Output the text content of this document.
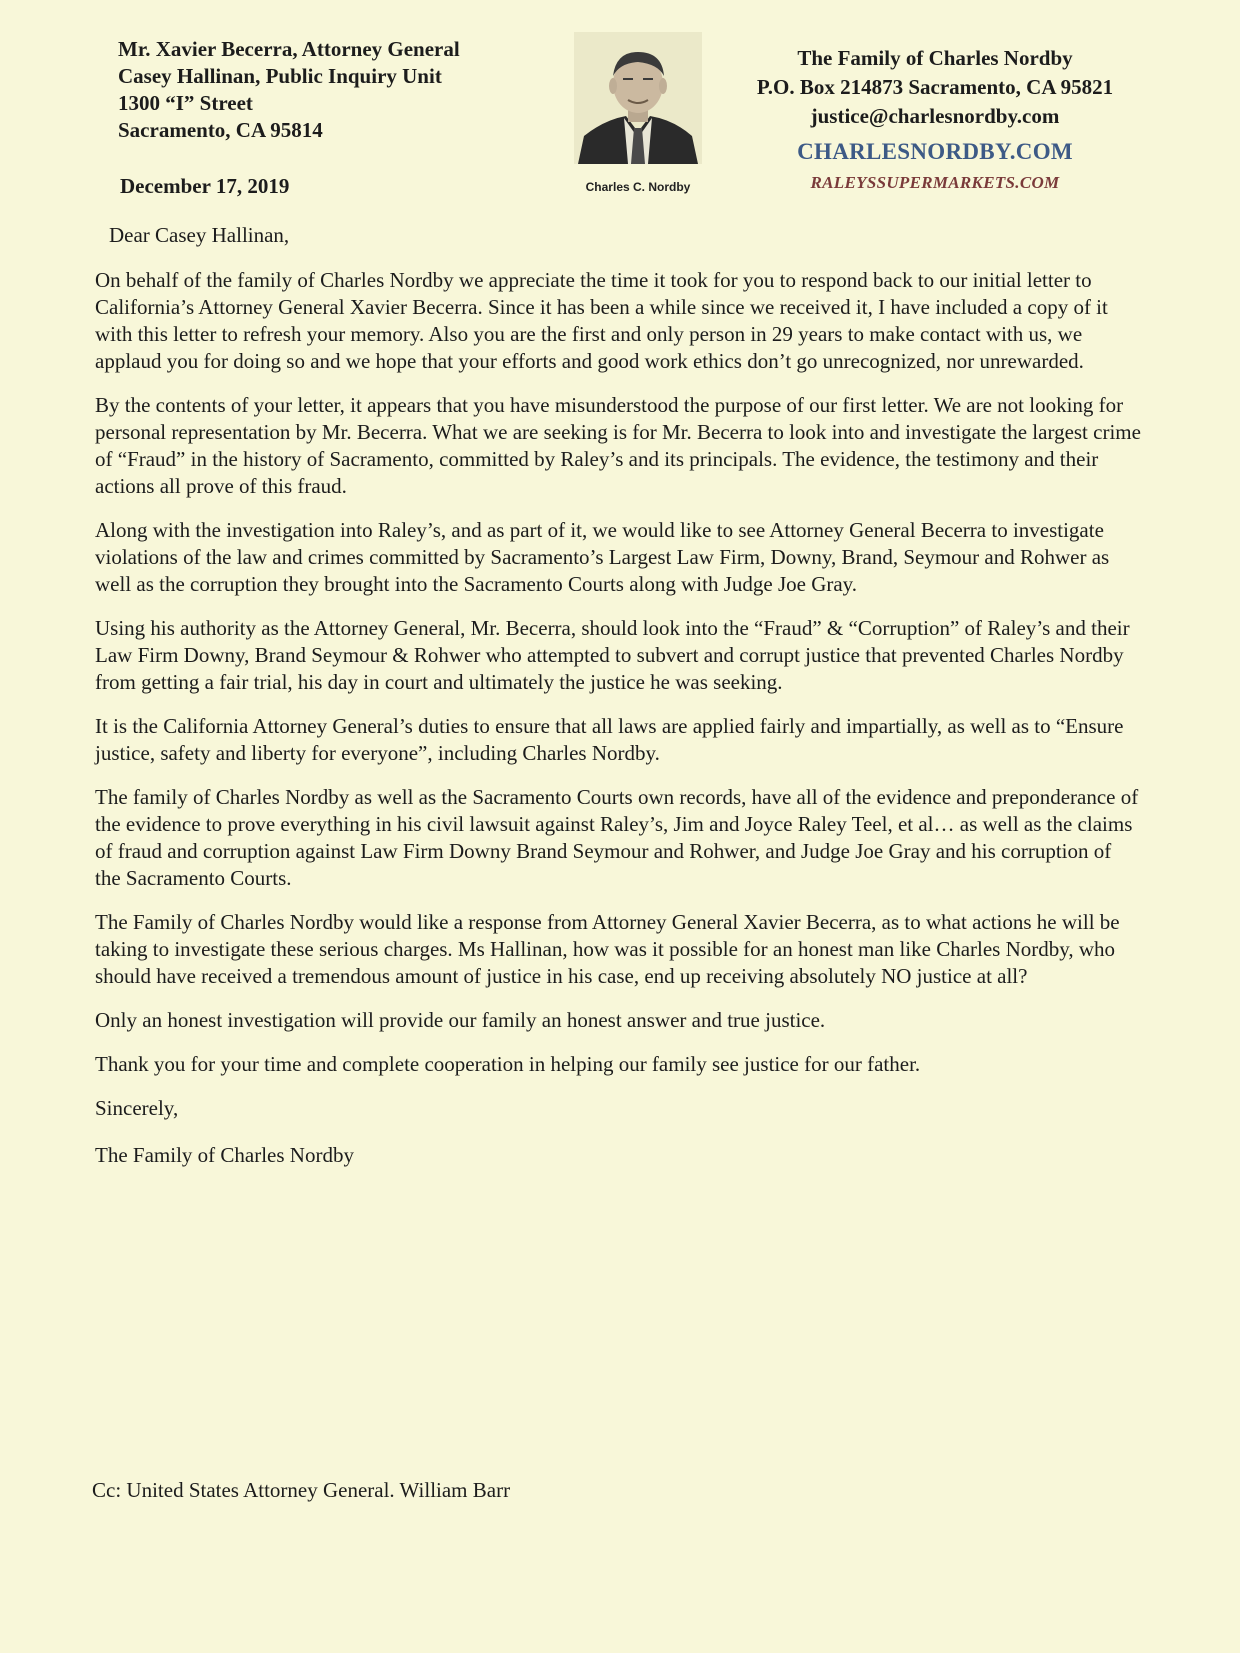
Mr. Xavier Becerra, Attorney General
Casey Hallinan, Public Inquiry Unit
1300 “I” Street
Sacramento, CA 95814
December 17, 2019	Charles C. Nordby
The Family of Charles Nordby
P.O. Box 214873 Sacramento, CA 95821
justice@charlesnordby.com
CHARLESNORDBY.COM
RALEYSSUPERMARKETS.COM

Dear Casey Hallinan,

On behalf of the family of Charles Nordby we appreciate the time it took for you to respond back to our initial letter to California’s Attorney General Xavier Becerra. Since it has been a while since we received it, I have included a copy of it with this letter to refresh your memory. Also you are the first and only person in 29 years to make contact with us, we applaud you for doing so and we hope that your efforts and good work ethics don’t go unrecognized, nor unrewarded.

By the contents of your letter, it appears that you have misunderstood the purpose of our first letter. We are not looking for personal representation by Mr. Becerra. What we are seeking is for Mr. Becerra to look into and investigate the largest crime of “Fraud” in the history of Sacramento, committed by Raley’s and its principals. The evidence, the testimony and their actions all prove of this fraud.

Along with the investigation into Raley’s, and as part of it, we would like to see Attorney General Becerra to investigate violations of the law and crimes committed by Sacramento’s Largest Law Firm, Downy, Brand, Seymour and Rohwer as well as the corruption they brought into the Sacramento Courts along with Judge Joe Gray.

Using his authority as the Attorney General, Mr. Becerra, should look into the “Fraud” & “Corruption” of Raley’s and their Law Firm Downy, Brand Seymour & Rohwer who attempted to subvert and corrupt justice that prevented Charles Nordby from getting a fair trial, his day in court and ultimately the justice he was seeking.

It is the California Attorney General’s duties to ensure that all laws are applied fairly and impartially, as well as to “Ensure justice, safety and liberty for everyone”, including Charles Nordby.

The family of Charles Nordby as well as the Sacramento Courts own records, have all of the evidence and preponderance of the evidence to prove everything in his civil lawsuit against Raley’s, Jim and Joyce Raley Teel, et al… as well as the claims of fraud and corruption against Law Firm Downy Brand Seymour and Rohwer, and Judge Joe Gray and his corruption of the Sacramento Courts.

The Family of Charles Nordby would like a response from Attorney General Xavier Becerra, as to what actions he will be taking to investigate these serious charges. Ms Hallinan, how was it possible for an honest man like Charles Nordby, who should have received a tremendous amount of justice in his case, end up receiving absolutely NO justice at all?

Only an honest investigation will provide our family an honest answer and true justice.

Thank you for your time and complete cooperation in helping our family see justice for our father.

Sincerely,

The Family of Charles Nordby

Cc: United States Attorney General. William Barr
